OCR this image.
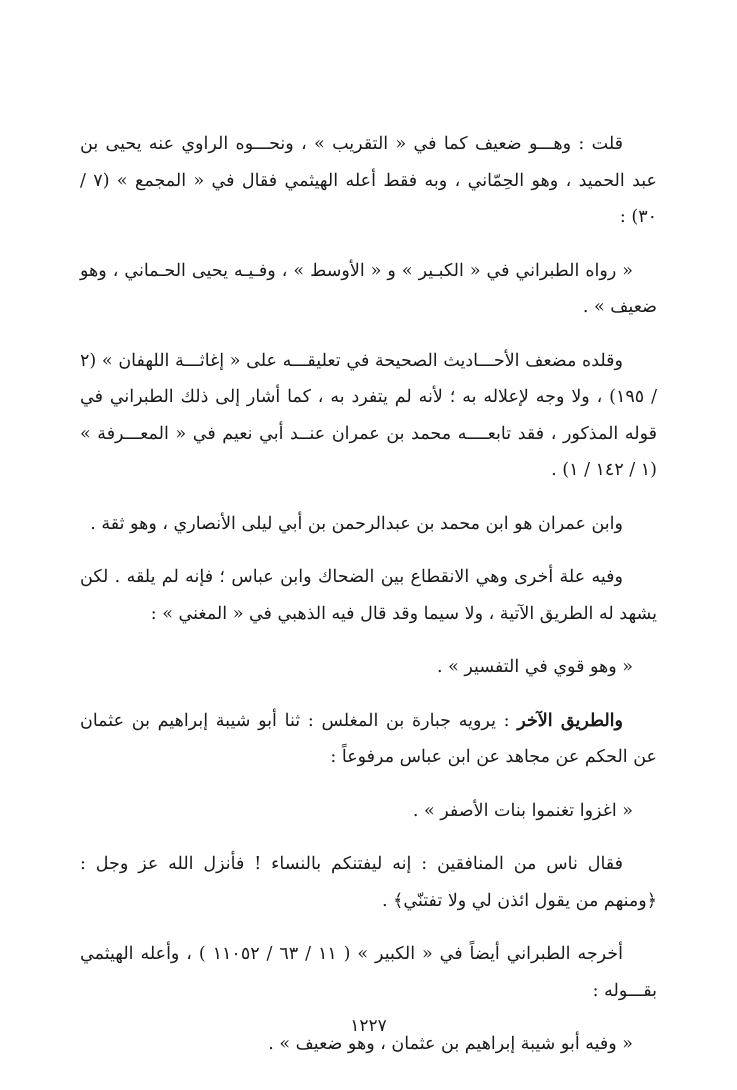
قلت : وهـــو ضعيف كما في « التقريب » ، ونحـــوه الراوي عنه يحيى بن عبد الحميد ، وهو الحِمّاني ، وبه فقط أعله الهيثمي فقال في « المجمع » (٧ / ٣٠) :

« رواه الطبراني في « الكبـير » و « الأوسط » ، وفـيـه يحيى الحـماني ، وهو ضعيف » .

وقلده مضعف الأحـــاديث الصحيحة في تعليقـــه على « إغاثـــة اللهفان » (٢ / ١٩٥) ، ولا وجه لإعلاله به ؛ لأنه لم يتفرد به ، كما أشار إلى ذلك الطبراني في قوله المذكور ، فقد تابعــــه محمد بن عمران عنــد أبي نعيم في « المعـــرفة » (١ / ١٤٢ / ١) .

وابن عمران هو ابن محمد بن عبدالرحمن بن أبي ليلى الأنصاري ، وهو ثقة .

وفيه علة أخرى وهي الانقطاع بين الضحاك وابن عباس ؛ فإنه لم يلقه . لكن يشهد له الطريق الآتية ، ولا سيما وقد قال فيه الذهبي في « المغني » :

« وهو قوي في التفسير » .

والطريق الآخر : يرويه جبارة بن المغلس : ثنا أبو شيبة إبراهيم بن عثمان عن الحكم عن مجاهد عن ابن عباس مرفوعاً :

« اغزوا تغنموا بنات الأصفر » .

فقال ناس من المنافقين : إنه ليفتنكم بالنساء ! فأنزل الله عز وجل : ﴿ومنهم من يقول ائذن لي ولا تفتنّي﴾ .

أخرجه الطبراني أيضاً في « الكبير » ( ١١ / ٦٣ / ١١٠٥٢ ) ، وأعله الهيثمي بقـــوله :

« وفيه أبو شيبة إبراهيم بن عثمان ، وهو ضعيف » .

١٢٢٧
